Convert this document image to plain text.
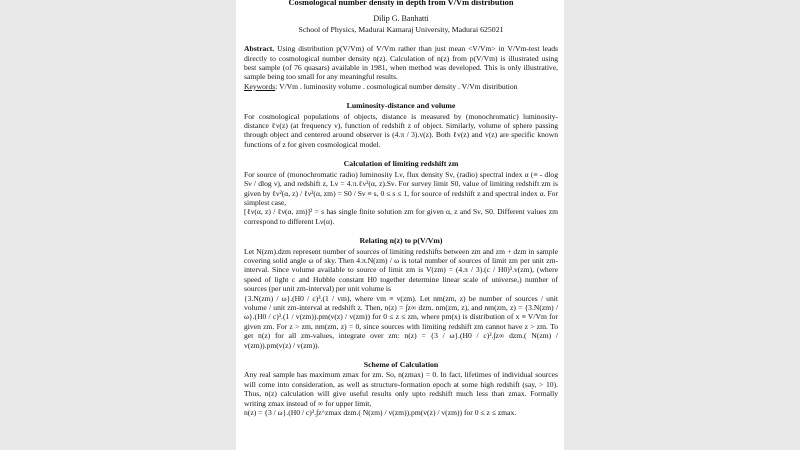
Cosmological number density in depth from V/Vm distribution
Dilip G. Banhatti
School of Physics, Madurai Kamaraj University, Madurai 625021

Abstract. Using distribution p(V/Vm) of V/Vm rather than just mean <V/Vm> in V/Vm-test leads directly to cosmological number density n(z). Calculation of n(z) from p(V/Vm) is illustrated using best sample (of 76 quasars) available in 1981, when method was developed. This is only illustrative, sample being too small for any meaningful results.

Keywords: V/Vm . luminosity volume . cosmological number density . V/Vm distribution

Luminosity-distance and volume

For cosmological populations of objects, distance is measured by (monochromatic) luminosity-distance ℓν(z) (at frequency ν), function of redshift z of object. Similarly, volume of sphere passing through object and centered around observer is (4.π / 3).v(z). Both ℓν(z) and v(z) are specific known functions of z for given cosmological model.

Calculation of limiting redshift zm

For source of (monochromatic radio) luminosity Lν, flux density Sν, (radio) spectral index α (≡ - dlog Sν / dlog ν), and redshift z, Lν = 4.π.ℓν²(α, z).Sν. For survey limit S0, value of limiting redshift zm is given by ℓν²(α, z) / ℓν²(α, zm) = S0 / Sν ≡ s, 0 ≤ s ≤ 1, for source of redshift z and spectral index α. For simplest case,

[ℓν(α, z) / ℓν(α, zm)]² = s has single finite solution zm for given α, z and Sν, S0. Different values zm correspond to different Lν(α).

Relating n(z) to p(V/Vm)

Let N(zm).dzm represent number of sources of limiting redshifts between zm and zm + dzm in sample covering solid angle ω of sky. Then 4.π.N(zm) / ω is total number of sources of limit zm per unit zm-interval. Since volume available to source of limit zm is V(zm) = (4.π / 3).(c / H0)³.v(zm), (where speed of light c and Hubble constant H0 together determine linear scale of universe,) number of sources (per unit zm-interval) per unit volume is

{3.N(zm) / ω}.(H0 / c)³.(1 / vm), where vm ≡ v(zm). Let nm(zm, z) be number of sources / unit volume / unit zm-interval at redshift z. Then, n(z) = ∫z∞ dzm. nm(zm, z), and nm(zm, z) = {3.N(zm) / ω}.(H0 / c)³.(1 / v(zm)).pm(v(z) / v(zm)) for 0 ≤ z ≤ zm, where pm(x) is distribution of x ≡ V/Vm for given zm. For z > zm, nm(zm, z) = 0, since sources with limiting redshift zm cannot have z > zm. To get n(z) for all zm-values, integrate over zm: n(z) = {3 / ω}.(H0 / c)³.∫z∞ dzm.( N(zm) / v(zm)).pm(v(z) / v(zm)).

Scheme of Calculation

Any real sample has maximum zmax for zm. So, n(zmax) = 0. In fact, lifetimes of individual sources will come into consideration, as well as structure-formation epoch at some high redshift (say, > 10). Thus, n(z) calculation will give useful results only upto redshift much less than zmax. Formally writing zmax instead of ∞ for upper limit,

n(z) = {3 / ω}.(H0 / c)³.∫z^zmax dzm.( N(zm) / v(zm)).pm(v(z) / v(zm)) for 0 ≤ z ≤ zmax.
